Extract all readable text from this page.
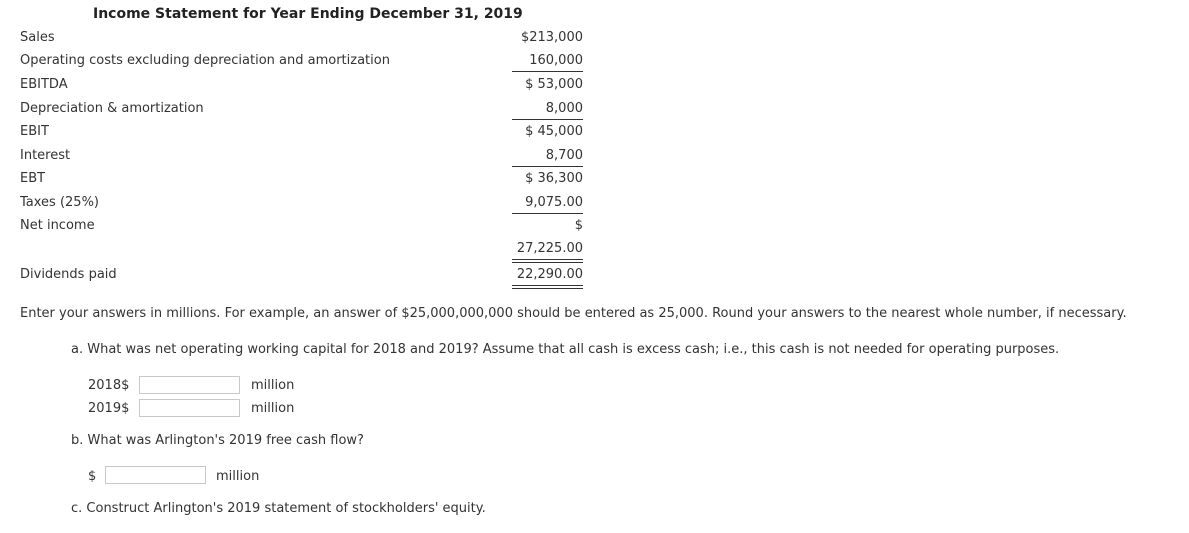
Income Statement for Year Ending December 31, 2019
Sales	$213,000
Operating costs excluding depreciation and amortization	160,000
EBITDA	$ 53,000
Depreciation & amortization	8,000
EBIT	$ 45,000
Interest	8,700
EBT	$ 36,300
Taxes (25%)	9,075.00
Net income	$
27,225.00
Dividends paid	22,290.00
Enter your answers in millions. For example, an answer of $25,000,000,000 should be entered as 25,000. Round your answers to the nearest whole number, if necessary.
a. What was net operating working capital for 2018 and 2019? Assume that all cash is excess cash; i.e., this cash is not needed for operating purposes.
2018$	million
2019$	million
b. What was Arlington's 2019 free cash flow?
$	million
c. Construct Arlington's 2019 statement of stockholders' equity.
